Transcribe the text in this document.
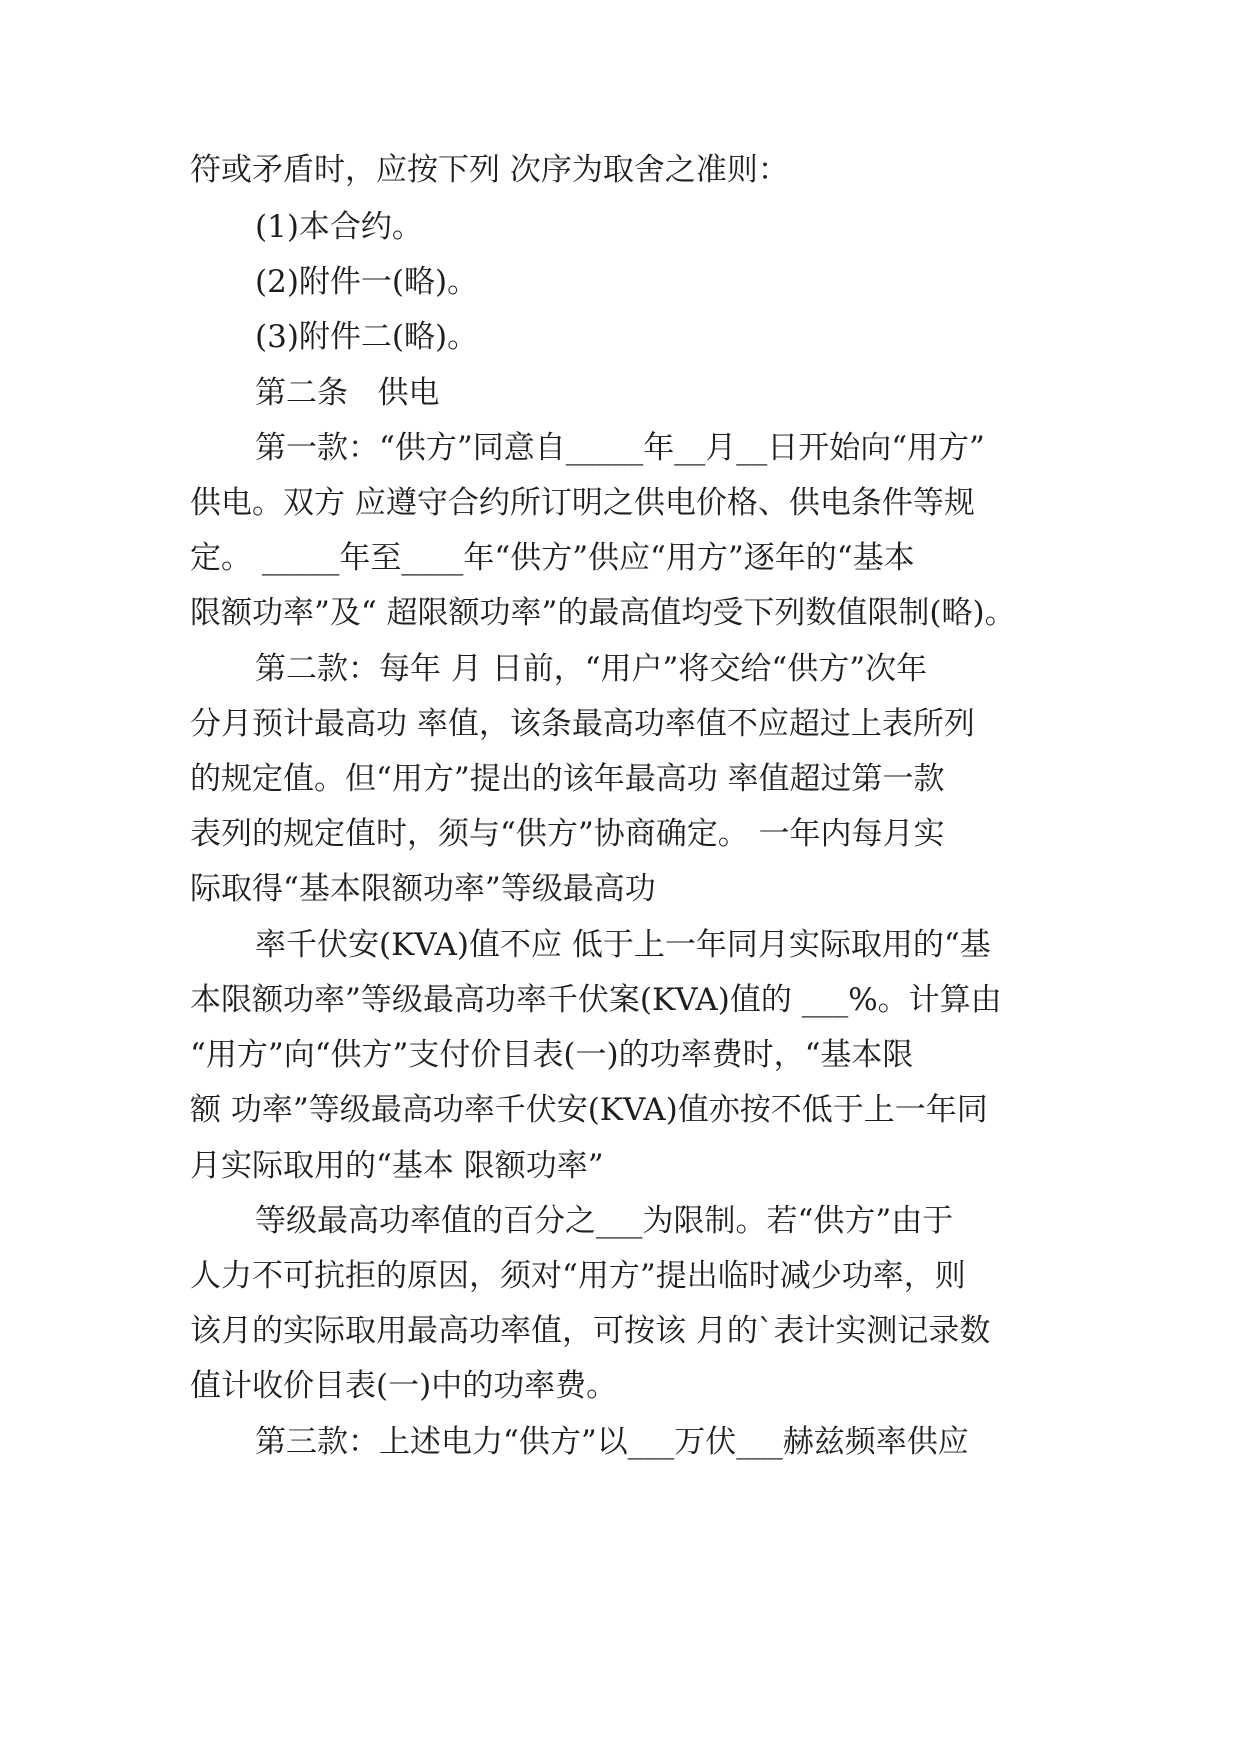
符或矛盾时，应按下列 次序为取舍之准则：
(1)本合约。
(2)附件一(略)。
(3)附件二(略)。
第二条   供电
第一款：“供方”同意自_____年__月__日开始向“用方”
供电。双方 应遵守合约所订明之供电价格、供电条件等规
定。 _____年至____年“供方”供应“用方”逐年的“基本
限额功率”及“ 超限额功率”的最高值均受下列数值限制(略)。
第二款：每年 月 日前，“用户”将交给“供方”次年
分月预计最高功 率值，该条最高功率值不应超过上表所列
的规定值。但“用方”提出的该年最高功 率值超过第一款
表列的规定值时，须与“供方”协商确定。 一年内每月实
际取得“基本限额功率”等级最高功
率千伏安(KVA)值不应 低于上一年同月实际取用的“基
本限额功率”等级最高功率千伏案(KVA)值的 ___%。计算由
“用方”向“供方”支付价目表(一)的功率费时，“基本限
额 功率”等级最高功率千伏安(KVA)值亦按不低于上一年同
月实际取用的“基本 限额功率”
等级最高功率值的百分之___为限制。若“供方”由于
人力不可抗拒的原因，须对“用方”提出临时减少功率，则
该月的实际取用最高功率值，可按该 月的`表计实测记录数
值计收价目表(一)中的功率费。
第三款：上述电力“供方”以___万伏___赫兹频率供应
